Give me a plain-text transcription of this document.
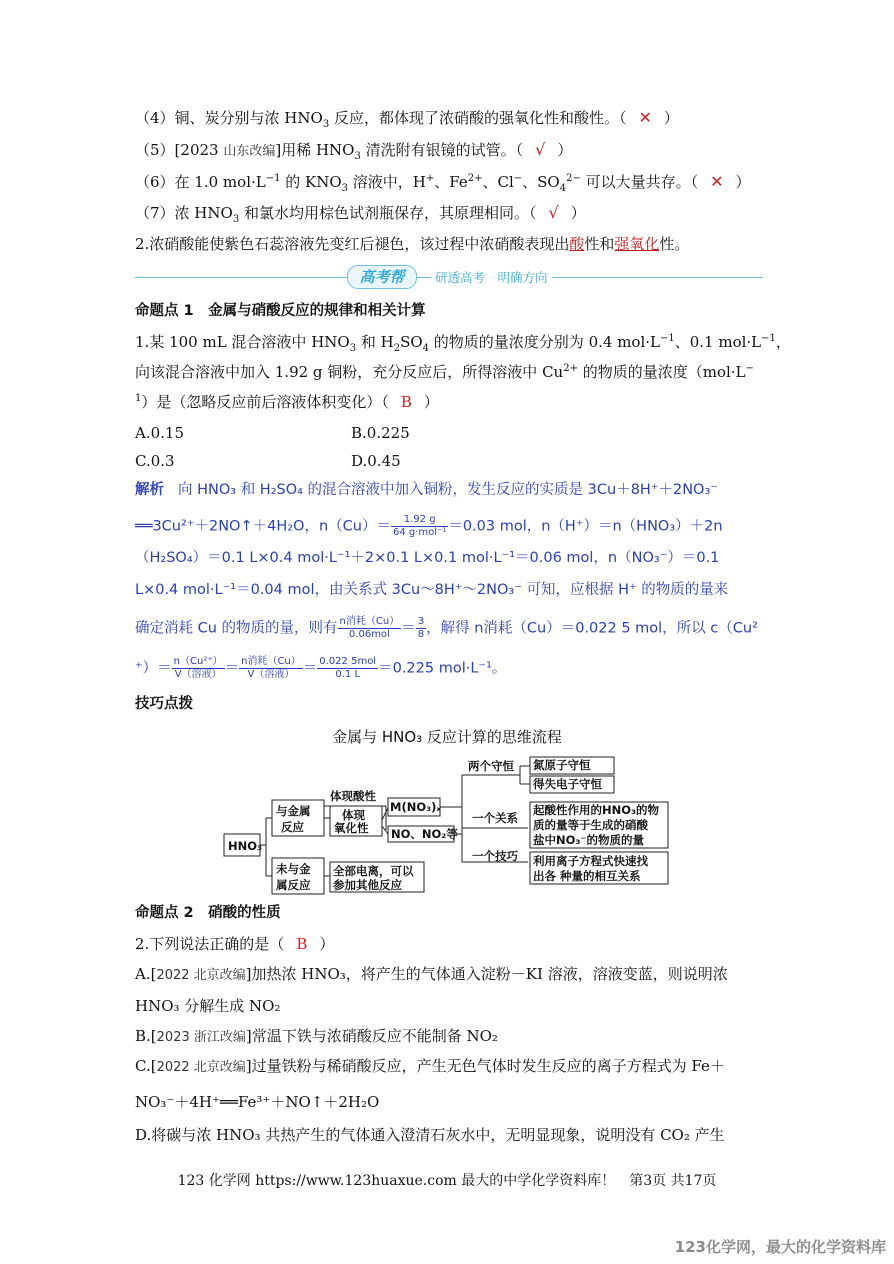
（4）铜、炭分别与浓 $HNO_3$ 反应，都体现了浓硝酸的强氧化性和酸性。（ ✕ ）
（5）[2023 山东改编]用稀 $HNO_3$ 清洗附有银镜的试管。（ √ ）
（6）在 1.0 $mol\cdot L^{-1}$ 的 $KNO_3$ 溶液中，H+、$Fe^{2+}$、Cl−、$SO_4^{2-}$ 可以大量共存。（ ✕ ）
（7）浓 $HNO_3$ 和氯水均用棕色试剂瓶保存，其原理相同。（ √ ）
2.浓硝酸能使紫色石蕊溶液先变红后褪色，该过程中浓硝酸表现出酸性和强氧化性。
高考帮	研透高考　明确方向
命题点 1　金属与硝酸反应的规律和相关计算
1.某 100 mL 混合溶液中 $HNO_3$ 和 $H_2SO_4$ 的物质的量浓度分别为 0.4 $mol\cdot L^{-1}$、0.1 $mol\cdot L^{-1}$，
向该混合溶液中加入 1.92 g 铜粉，充分反应后，所得溶液中 $Cu^{2+}$ 的物质的量浓度（mol·L−
$^1$）是（忽略反应前后溶液体积变化）（ B ）
A.0.15	B.0.225
C.0.3	D.0.45
解析 向 HNO₃ 和 H₂SO₄ 的混合溶液中加入铜粉，发生反应的实质是 3Cu＋8H⁺＋2NO₃⁻
══3Cu²⁺＋2NO↑＋4H₂O，$n(Cu)= \frac{1.92 g}{\text{64 g·mol⁻¹}} =0.03$ mol，n（H⁺）＝n（HNO₃）＋2n
（H₂SO₄）＝0.1 L×0.4 mol·L⁻¹＋2×0.1 L×0.1 mol·L⁻¹＝0.06 mol，n（NO₃⁻）＝0.1
L×0.4 mol·L⁻¹＝0.04 mol，由关系式 3Cu～8H⁺～2NO₃⁻ 可知，应根据 H⁺ 的物质的量来
确定消耗 Cu 的物质的量，则有 $\frac{\text{n消耗（Cu）}}{\text{0.06mol}} = \frac{3}{8}$ ，解得 n消耗（Cu）＝0.022 5 mol，所以 c（Cu²
⁺）＝ $\frac{\text{n（Cu²⁺）}}{\text{V（溶液）}} = \frac{\text{n消耗（Cu）}}{\text{V（溶液）}} = \frac{\text{0.022 5mol}}{0.1 L} =0.225$ mol·L⁻¹。
技巧点拨
金属与 HNO₃ 反应计算的思维流程
HNO₃
与金属
反应
未与金
属反应
体现酸性
体现
氧化性
M(NO₃)ₓ
NO、NO₂等
全部电离，可以
参加其他反应
两个守恒 氮原子守恒
得失电子守恒
一个关系
起酸性作用的HNO₃的物
质的量等于生成的硝酸
盐中NO₃⁻的物质的量
一个技巧 利用离子方程式快速找
出各 种量的相互关系
命题点 2　硝酸的性质
2.下列说法正确的是（ B ）
A.[2022 北京改编]加热浓 HNO₃，将产生的气体通入淀粉－KI 溶液，溶液变蓝，则说明浓
HNO₃ 分解生成 NO₂
B.[2023 浙江改编]常温下铁与浓硝酸反应不能制备 NO₂
C.[2022 北京改编]过量铁粉与稀硝酸反应，产生无色气体时发生反应的离子方程式为 Fe＋
NO₃⁻＋4H⁺══Fe³⁺＋NO↑＋2H₂O
D.将碳与浓 HNO₃ 共热产生的气体通入澄清石灰水中，无明显现象，说明没有 CO₂ 产生
123 化学网 https://www.123huaxue.com 最大的中学化学资料库！　第3页 共17页
123化学网，最大的化学资料库
